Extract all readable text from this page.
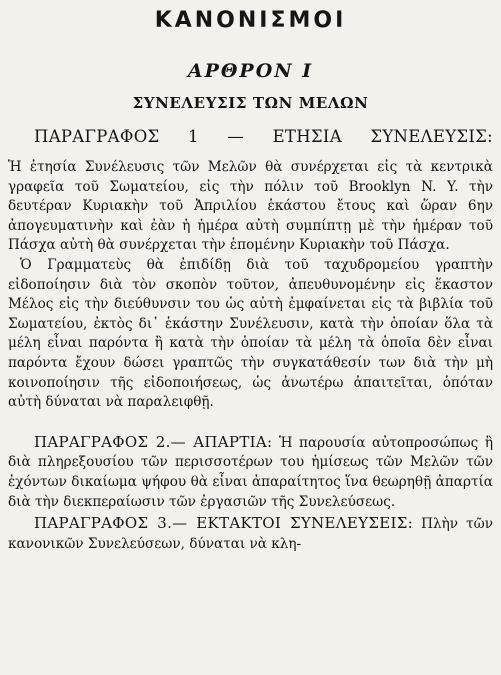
ΚΑΝΟΝΙΣΜΟΙ
ΑΡΘΡΟΝ Ι
ΣΥΝΕΛΕΥΣΙΣ ΤΩΝ ΜΕΛΩΝ
ΠΑΡΑΓΡΑΦΟΣ 1 — ΕΤΗΣΙΑ ΣΥΝΕΛΕΥΣΙΣ:

Ἡ ἐτησία Συνέλευσις τῶν Μελῶν θὰ συνέρχεται εἰς τὰ κεντρικὰ γραφεῖα τοῦ Σωματείου, εἰς τὴν πόλιν τοῦ Brooklyn N. Y. τὴν δευτέραν Κυριακὴν τοῦ Ἀπριλίου ἑκάστου ἔτους καὶ ὥραν 6ην ἀπογευματινὴν καὶ ἐὰν ἡ ἡμέρα αὐτὴ συμπίπτῃ μὲ τὴν ἡμέραν τοῦ Πάσχα αὐτὴ θὰ συνέρχεται τὴν ἑπομένην Κυριακὴν τοῦ Πάσχα.

Ὁ Γραμματεὺς θὰ ἐπιδίδῃ διὰ τοῦ ταχυδρομείου γραπτὴν εἰδοποίησιν διὰ τὸν σκοπὸν τοῦτον, ἀπευθυνομένην εἰς ἕκαστον Μέλος εἰς τὴν διεύθυνσιν του ὡς αὐτὴ ἐμφαίνεται εἰς τὰ βιβλία τοῦ Σωματείου, ἐκτὸς δι᾽ ἑκάστην Συνέλευσιν, κατὰ τὴν ὁποίαν ὅλα τὰ μέλη εἶναι παρόντα ἢ κατὰ τὴν ὁποίαν τὰ μέλη τὰ ὁποῖα δὲν εἶναι παρόντα ἔχουν δώσει γραπτῶς τὴν συγκατάθεσίν των διὰ τὴν μὴ κοινοποίησιν τῆς εἰδοποιήσεως, ὡς ἀνωτέρω ἀπαιτεῖται, ὁπόταν αὐτὴ δύναται νὰ παραλειφθῇ.

ΠΑΡΑΓΡΑΦΟΣ 2.— ΑΠΑΡΤΙΑ: Ἡ παρουσία αὐτοπροσώπως ἢ διὰ πληρεξουσίου τῶν περισσοτέρων του ἡμίσεως τῶν Μελῶν τῶν ἐχόντων δικαίωμα ψήφου θὰ εἶναι ἀπαραίτητος ἵνα θεωρηθῇ ἀπαρτία διὰ τὴν διεκπεραίωσιν τῶν ἐργασιῶν τῆς Συνελεύσεως.

ΠΑΡΑΓΡΑΦΟΣ 3.— ΕΚΤΑΚΤΟΙ ΣΥΝΕΛΕΥΣΕΙΣ: Πλὴν τῶν κανονικῶν Συνελεύσεων, δύναται νὰ κλη-
